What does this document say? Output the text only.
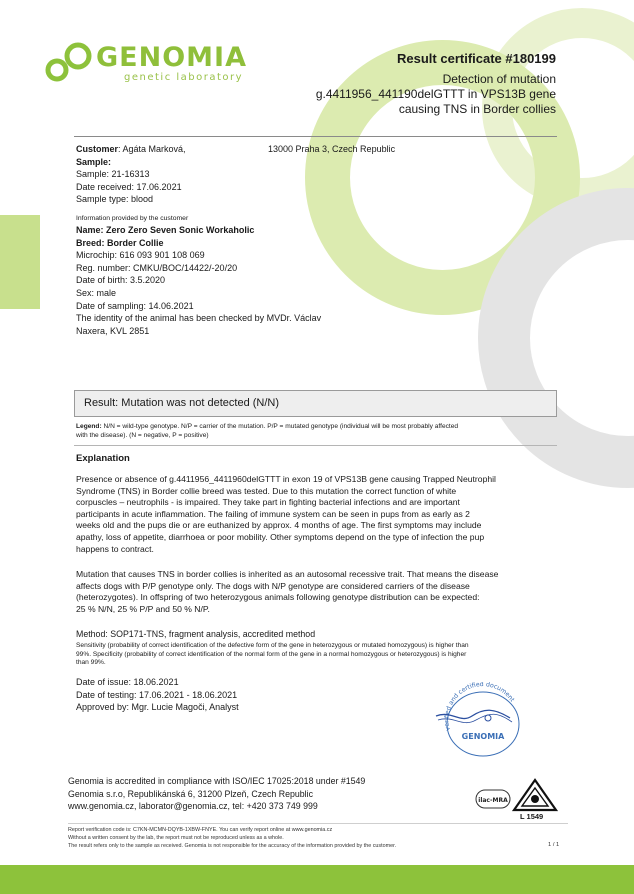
GENOMIA
genetic laboratory
Result certificate #180199
Detection of mutation
g.4411956_441190delGTTT in VPS13B gene
causing TNS in Border collies
Customer: Agáta Marková,
Sample:
Sample: 21-16313
Date received: 17.06.2021
Sample type: blood
13000 Praha 3, Czech Republic
Information provided by the customer
Name: Zero Zero Seven Sonic Workaholic
Breed: Border Collie
Microchip: 616 093 901 108 069
Reg. number: CMKU/BOC/14422/-20/20
Date of birth: 3.5.2020
Sex: male
Date of sampling: 14.06.2021
The identity of the animal has been checked by MVDr. Václav
Naxera, KVL 2851
Result: Mutation was not detected (N/N)
Legend: N/N = wild-type genotype. N/P = carrier of the mutation. P/P = mutated genotype (individual will be most probably affected
with the disease). (N = negative, P = positive)
Explanation
Presence or absence of g.4411956_4411960delGTTT in exon 19 of VPS13B gene causing Trapped Neutrophil
Syndrome (TNS) in Border collie breed was tested. Due to this mutation the correct function of white
corpuscles – neutrophils - is impaired. They take part in fighting bacterial infections and are important
participants in acute inflammation. The failing of immune system can be seen in pups from as early as 2
weeks old and the pups die or are euthanized by approx. 4 months of age. The first symptoms may include
apathy, loss of appetite, diarrhoea or poor mobility. Other symptoms depend on the type of infection the pup
happens to contract.
Mutation that causes TNS in border collies is inherited as an autosomal recessive trait. That means the disease
affects dogs with P/P genotype only. The dogs with N/P genotype are considered carriers of the disease
(heterozygotes). In offspring of two heterozygous animals following genotype distribution can be expected:
25 % N/N, 25 % P/P and 50 % N/P.
Method: SOP171-TNS, fragment analysis, accredited method
Sensitivity (probability of correct identification of the defective form of the gene in heterozygous or mutated homozygous) is higher than
99%. Specificity (probability of correct identification of the normal form of the gene in a normal homozygous or heterozygous) is higher
than 99%.
Date of issue: 18.06.2021
Date of testing: 17.06.2021 - 18.06.2021
Approved by: Mgr. Lucie Magoči, Analyst
verified and certified document
GENOMIA
Genomia is accredited in compliance with ISO/IEC 17025:2018 under #1549
Genomia s.r.o, Republikánská 6, 31200 Plzeň, Czech Republic
www.genomia.cz, laborator@genomia.cz, tel: +420 373 749 999
ilac-MRA
L 1549
Report verification code is: C7KN-MCMN-DQYB-1XBW-FNYE. You can verify report online at www.genomia.cz
Without a written consent by the lab, the report must not be reproduced unless as a whole.
The result refers only to the sample as received. Genomia is not responsible for the accuracy of the information provided by the customer.	1 / 1
